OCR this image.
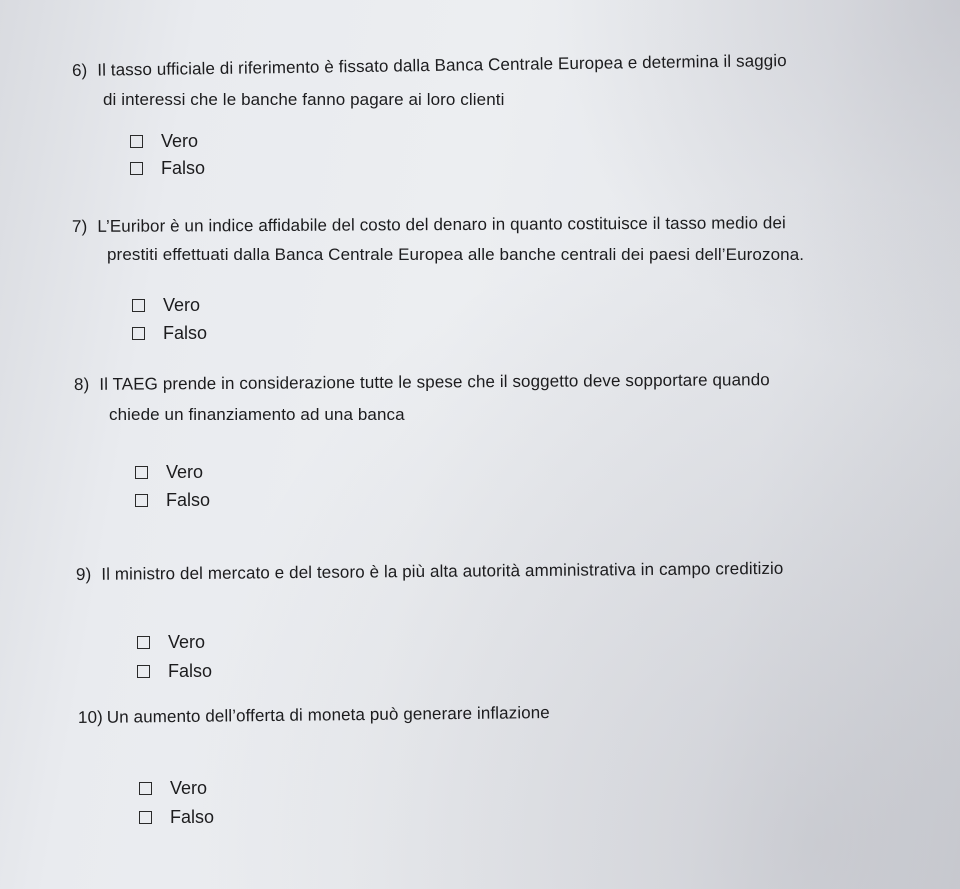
6) Il tasso ufficiale di riferimento è fissato dalla Banca Centrale Europea e determina il saggio
di interessi che le banche fanno pagare ai loro clienti
Vero
Falso
7) L’Euribor è un indice affidabile del costo del denaro in quanto costituisce il tasso medio dei
prestiti effettuati dalla Banca Centrale Europea alle banche centrali dei paesi dell’Eurozona.
Vero
Falso
8) Il TAEG prende in considerazione tutte le spese che il soggetto deve sopportare quando
chiede un finanziamento ad una banca
Vero
Falso
9) Il ministro del mercato e del tesoro è la più alta autorità amministrativa in campo creditizio
Vero
Falso
10) Un aumento dell’offerta di moneta può generare inflazione
Vero
Falso
